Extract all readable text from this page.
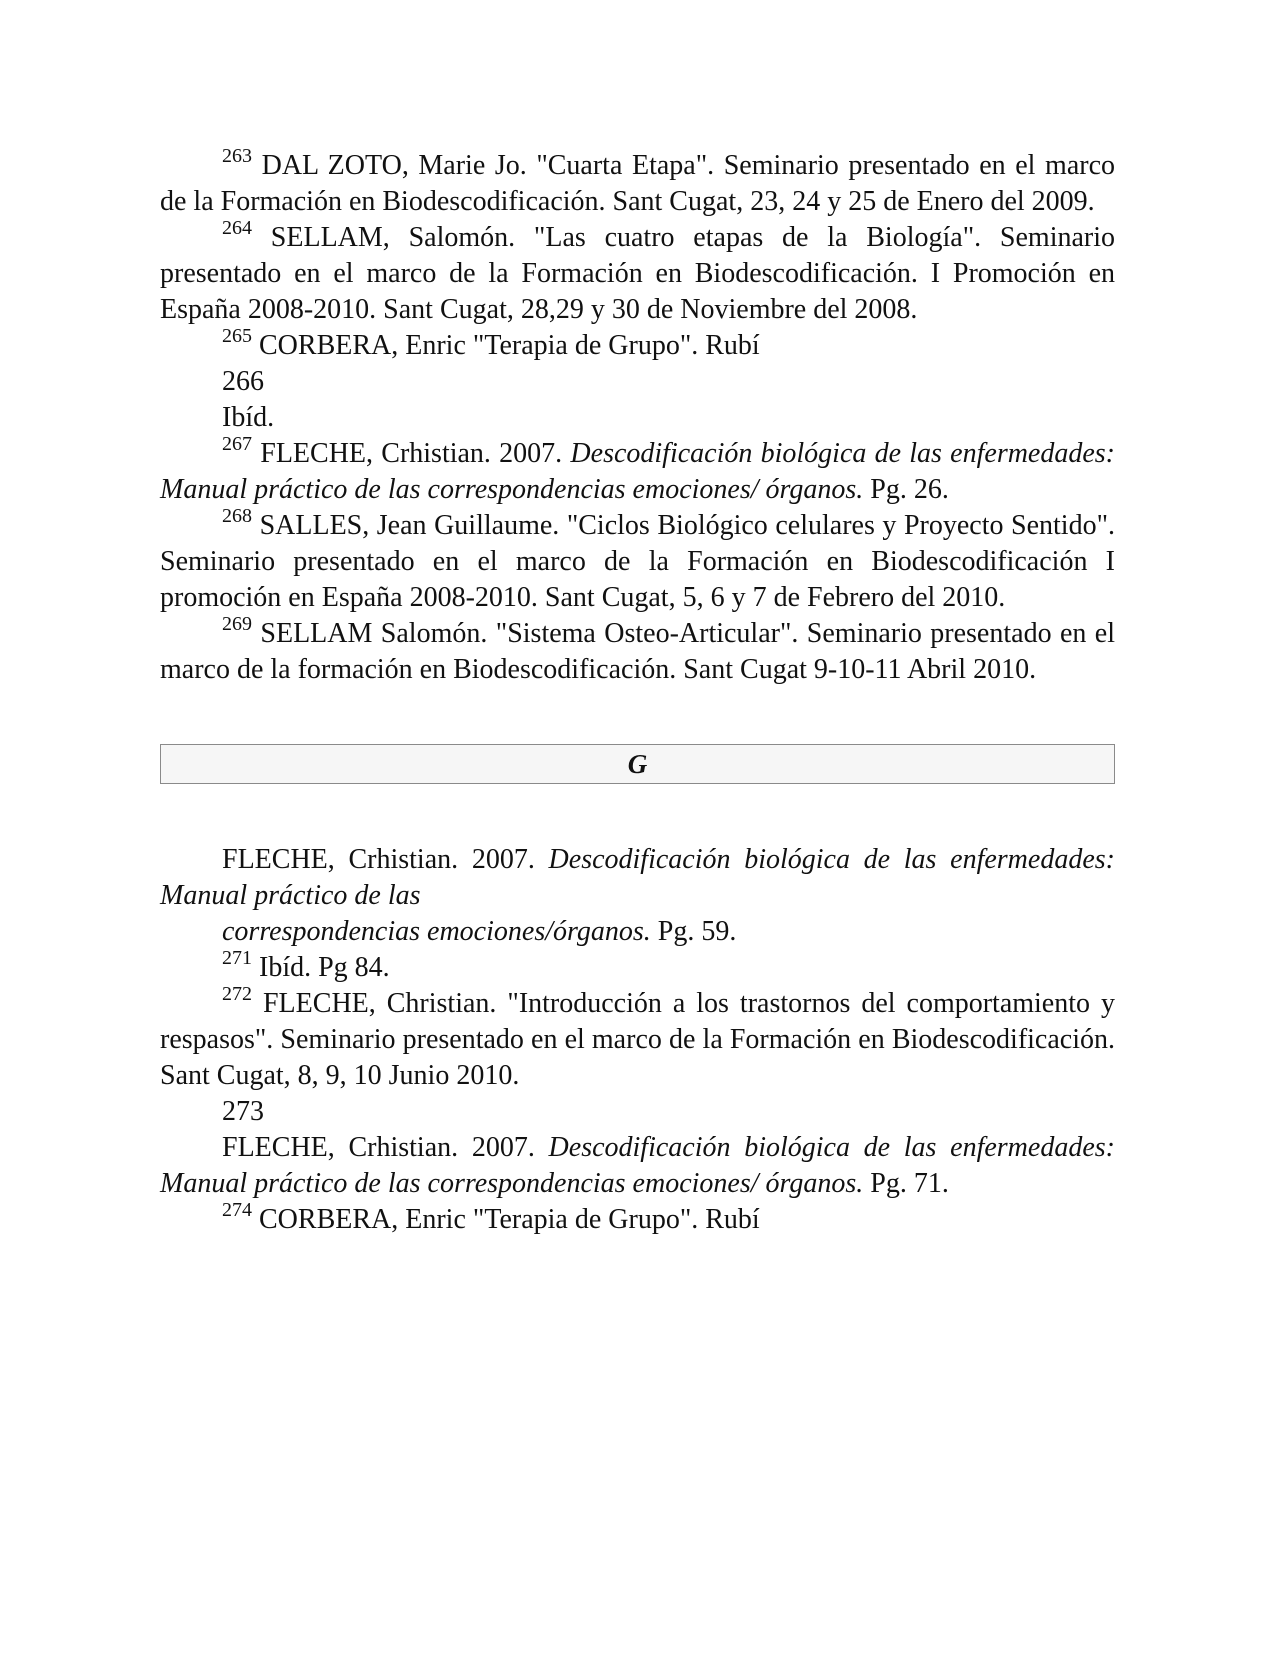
$^{263}$ DAL ZOTO, Marie Jo. "Cuarta Etapa". Seminario presentado en el marco de la Formación en Biodescodificación. Sant Cugat, 23, 24 y 25 de Enero del 2009.

$^{264}$ SELLAM, Salomón. "Las cuatro etapas de la Biología". Seminario presentado en el marco de la Formación en Biodescodificación. I Promoción en España 2008-2010. Sant Cugat, 28,29 y 30 de Noviembre del 2008.

$^{265}$ CORBERA, Enric "Terapia de Grupo". Rubí

266

Ibíd.

$^{267}$ FLECHE, Crhistian. 2007. Descodificación biológica de las enfermedades: Manual práctico de las correspondencias emociones/ órganos. Pg. 26.

$^{268}$ SALLES, Jean Guillaume. "Ciclos Biológico celulares y Proyecto Sentido". Seminario presentado en el marco de la Formación en Biodescodificación I promoción en España 2008-2010. Sant Cugat, 5, 6 y 7 de Febrero del 2010.

$^{269}$ SELLAM Salomón. "Sistema Osteo-Articular". Seminario presentado en el marco de la formación en Biodescodificación. Sant Cugat 9-10-11 Abril 2010.

G

FLECHE, Crhistian. 2007. Descodificación biológica de las enfermedades: Manual práctico de las

correspondencias emociones/órganos. Pg. 59.

$^{271}$ Ibíd. Pg 84.

$^{272}$ FLECHE, Christian. "Introducción a los trastornos del comportamiento y respasos". Seminario presentado en el marco de la Formación en Biodescodificación. Sant Cugat, 8, 9, 10 Junio 2010.

273

FLECHE, Crhistian. 2007. Descodificación biológica de las enfermedades: Manual práctico de las correspondencias emociones/ órganos. Pg. 71.

$^{274}$ CORBERA, Enric "Terapia de Grupo". Rubí
